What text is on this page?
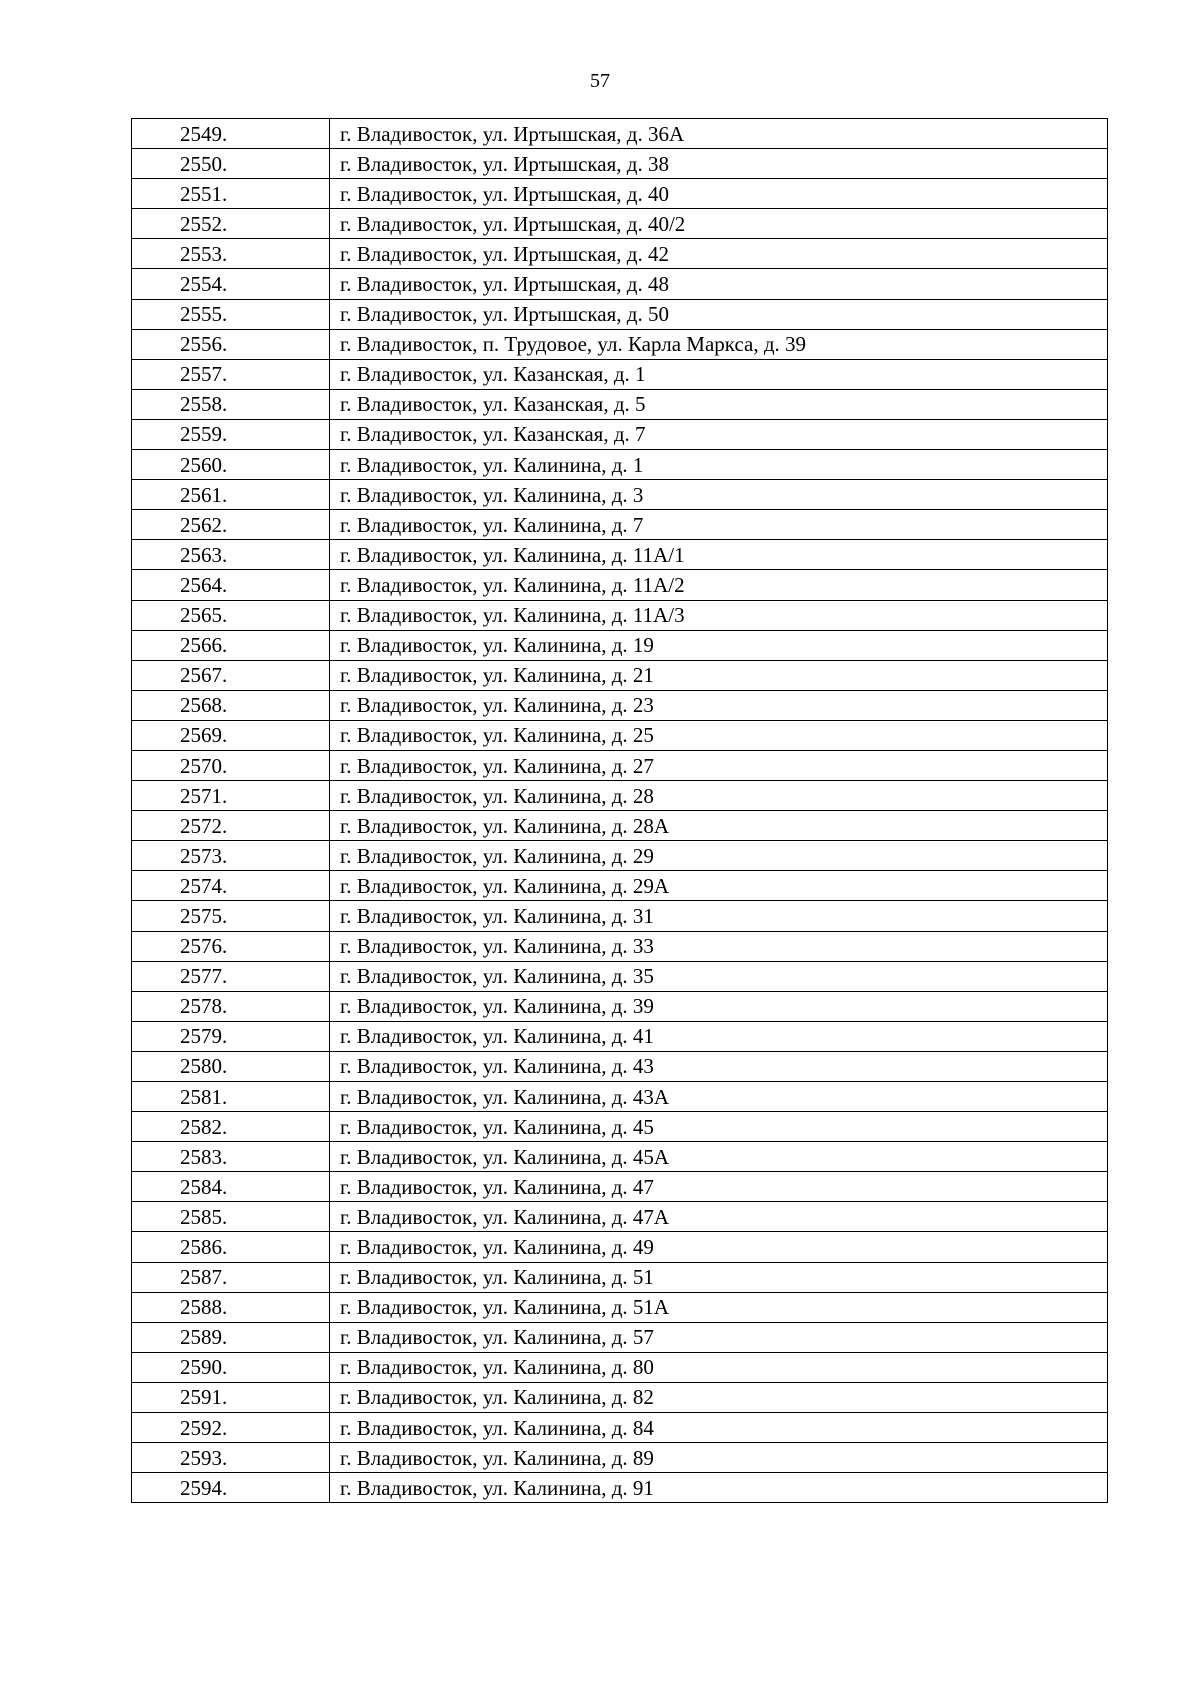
57
2549.	г. Владивосток, ул. Иртышская, д. 36А
2550.	г. Владивосток, ул. Иртышская, д. 38
2551.	г. Владивосток, ул. Иртышская, д. 40
2552.	г. Владивосток, ул. Иртышская, д. 40/2
2553.	г. Владивосток, ул. Иртышская, д. 42
2554.	г. Владивосток, ул. Иртышская, д. 48
2555.	г. Владивосток, ул. Иртышская, д. 50
2556.	г. Владивосток, п. Трудовое, ул. Карла Маркса, д. 39
2557.	г. Владивосток, ул. Казанская, д. 1
2558.	г. Владивосток, ул. Казанская, д. 5
2559.	г. Владивосток, ул. Казанская, д. 7
2560.	г. Владивосток, ул. Калинина, д. 1
2561.	г. Владивосток, ул. Калинина, д. 3
2562.	г. Владивосток, ул. Калинина, д. 7
2563.	г. Владивосток, ул. Калинина, д. 11А/1
2564.	г. Владивосток, ул. Калинина, д. 11А/2
2565.	г. Владивосток, ул. Калинина, д. 11А/3
2566.	г. Владивосток, ул. Калинина, д. 19
2567.	г. Владивосток, ул. Калинина, д. 21
2568.	г. Владивосток, ул. Калинина, д. 23
2569.	г. Владивосток, ул. Калинина, д. 25
2570.	г. Владивосток, ул. Калинина, д. 27
2571.	г. Владивосток, ул. Калинина, д. 28
2572.	г. Владивосток, ул. Калинина, д. 28А
2573.	г. Владивосток, ул. Калинина, д. 29
2574.	г. Владивосток, ул. Калинина, д. 29А
2575.	г. Владивосток, ул. Калинина, д. 31
2576.	г. Владивосток, ул. Калинина, д. 33
2577.	г. Владивосток, ул. Калинина, д. 35
2578.	г. Владивосток, ул. Калинина, д. 39
2579.	г. Владивосток, ул. Калинина, д. 41
2580.	г. Владивосток, ул. Калинина, д. 43
2581.	г. Владивосток, ул. Калинина, д. 43А
2582.	г. Владивосток, ул. Калинина, д. 45
2583.	г. Владивосток, ул. Калинина, д. 45А
2584.	г. Владивосток, ул. Калинина, д. 47
2585.	г. Владивосток, ул. Калинина, д. 47А
2586.	г. Владивосток, ул. Калинина, д. 49
2587.	г. Владивосток, ул. Калинина, д. 51
2588.	г. Владивосток, ул. Калинина, д. 51А
2589.	г. Владивосток, ул. Калинина, д. 57
2590.	г. Владивосток, ул. Калинина, д. 80
2591.	г. Владивосток, ул. Калинина, д. 82
2592.	г. Владивосток, ул. Калинина, д. 84
2593.	г. Владивосток, ул. Калинина, д. 89
2594.	г. Владивосток, ул. Калинина, д. 91
